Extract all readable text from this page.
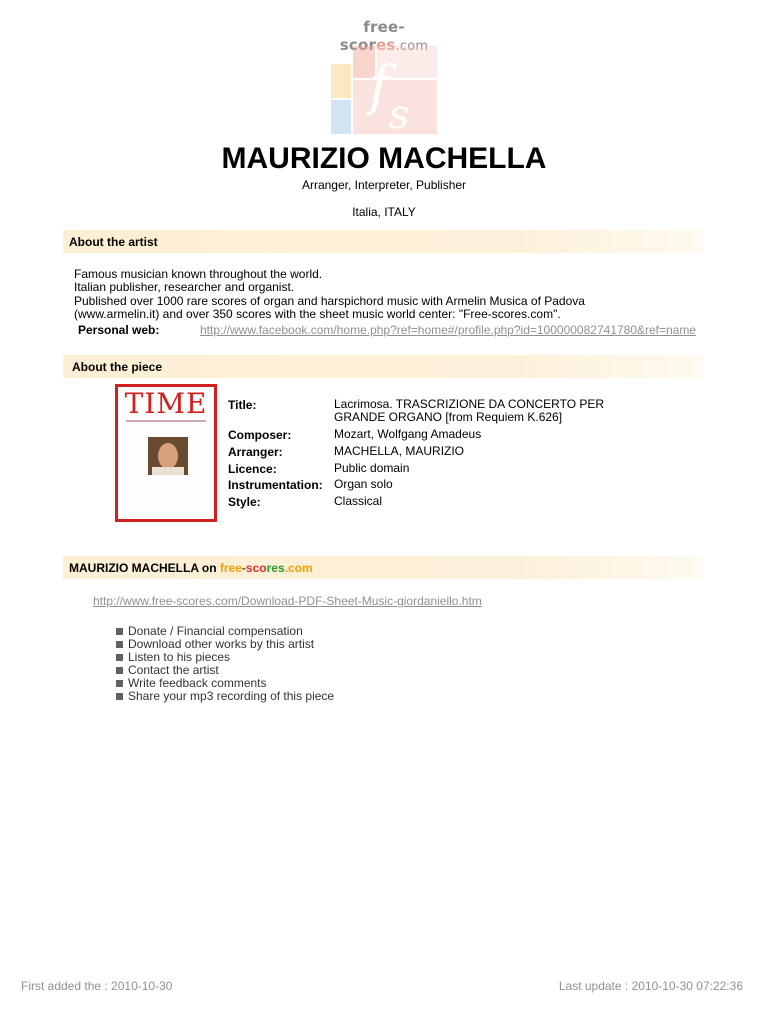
free-scores.com
f s
MAURIZIO MACHELLA
Arranger, Interpreter, Publisher
Italia, ITALY
About the artist
Famous musician known throughout the world.
Italian publisher, researcher and organist.
Published over 1000 rare scores of organ and harspichord music with Armelin Musica of Padova
(www.armelin.it) and over 350 scores with the sheet music world center: "Free-scores.com".
Personal web:	http://www.facebook.com/home.php?ref=home#/profile.php?id=100000082741780&ref=name
About the piece
TIME	Title:	Lacrimosa. TRASCRIZIONE DA CONCERTO PER
GRANDE ORGANO [from Requiem K.626]
Composer:	Mozart, Wolfgang Amadeus
Arranger:	MACHELLA, MAURIZIO
Licence:	Public domain
Instrumentation: Organ solo
Style:	Classical
MAURIZIO MACHELLA on free-scores.com
http://www.free-scores.com/Download-PDF-Sheet-Music-giordaniello.htm
Donate / Financial compensation
Download other works by this artist
Listen to his pieces
Contact the artist
Write feedback comments
Share your mp3 recording of this piece
First added the : 2010-10-30	Last update : 2010-10-30 07:22:36
